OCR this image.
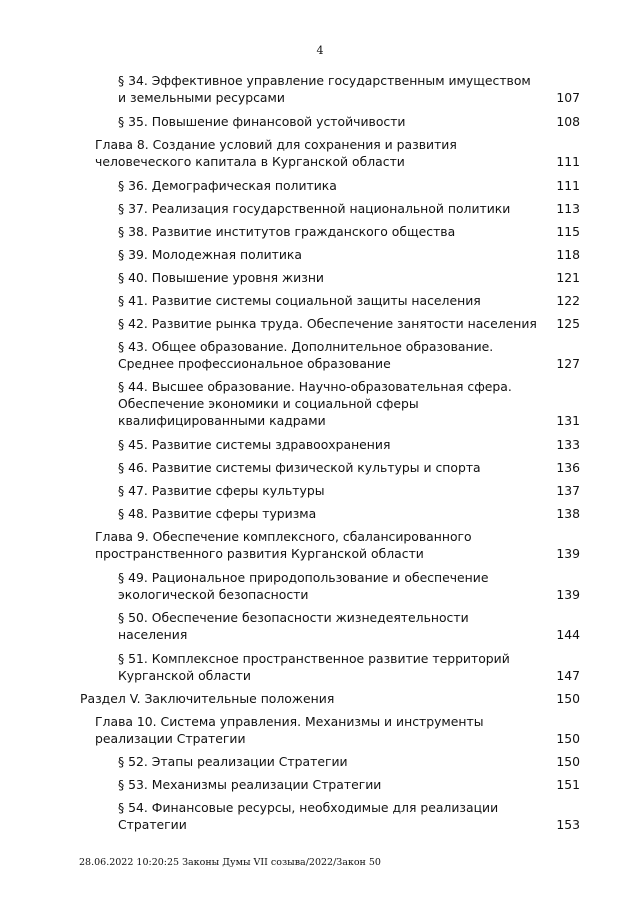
4
§ 34. Эффективное управление государственным имуществом
и земельными ресурсами	107
§ 35. Повышение финансовой устойчивости	108
Глава 8. Создание условий для сохранения и развития
человеческого капитала в Курганской области	111
§ 36. Демографическая политика	111
§ 37. Реализация государственной национальной политики	113
§ 38. Развитие институтов гражданского общества	115
§ 39. Молодежная политика	118
§ 40. Повышение уровня жизни	121
§ 41. Развитие системы социальной защиты населения	122
§ 42. Развитие рынка труда. Обеспечение занятости населения	125
§ 43. Общее образование. Дополнительное образование.
Среднее профессиональное образование	127
§ 44. Высшее образование. Научно-образовательная сфера.
Обеспечение экономики и социальной сферы
квалифицированными кадрами	131
§ 45. Развитие системы здравоохранения	133
§ 46. Развитие системы физической культуры и спорта	136
§ 47. Развитие сферы культуры	137
§ 48. Развитие сферы туризма	138
Глава 9. Обеспечение комплексного, сбалансированного
пространственного развития Курганской области	139
§ 49. Рациональное природопользование и обеспечение
экологической безопасности	139
§ 50. Обеспечение безопасности жизнедеятельности
населения	144
§ 51. Комплексное пространственное развитие территорий
Курганской области	147
Раздел V. Заключительные положения	150
Глава 10. Система управления. Механизмы и инструменты
реализации Стратегии	150
§ 52. Этапы реализации Стратегии	150
§ 53. Механизмы реализации Стратегии	151
§ 54. Финансовые ресурсы, необходимые для реализации
Стратегии	153
28.06.2022 10:20:25 Законы Думы VII созыва/2022/Закон 50
